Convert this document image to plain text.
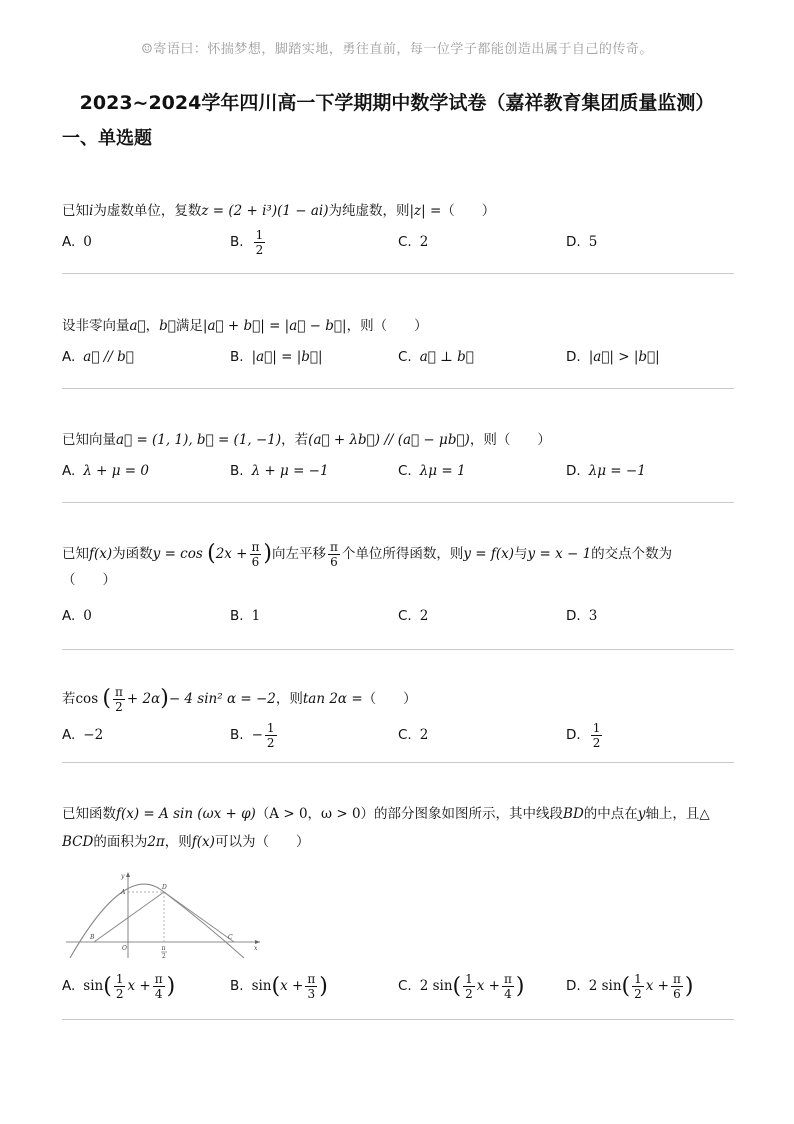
☺寄语曰：怀揣梦想，脚踏实地，勇往直前，每一位学子都能创造出属于自己的传奇。
2023~2024学年四川高一下学期期中数学试卷（嘉祥教育集团质量监测）
一、单选题
已知i为虚数单位，复数z = (2 + i³)(1 − ai)为纯虚数，则|z| =（　　）
A. 0	B. $\frac{1}{2}$	C. 2	D. 5
设非零向量a⃗，b⃗满足|a⃗ + b⃗| = |a⃗ − b⃗|，则（　　）
A. a⃗ // b⃗	B. |a⃗| = |b⃗|	C. a⃗ ⊥ b⃗	D. |a⃗| > |b⃗|
已知向量a⃗ = (1, 1), b⃗ = (1, −1)，若(a⃗ + λb⃗) // (a⃗ − μb⃗)，则（　　）
A. λ + μ = 0	B. λ + μ = −1	C. λμ = 1	D. λμ = −1
已知f(x)为函数$y = \cos (2x + \frac{\pi}{6}$ )向左平移 $\frac{\pi}{6}$ 个单位所得函数，则y = f(x)与y = x − 1的交点个数为
（　　）
A. 0	B. 1	C. 2	D. 3
若cos ( $\frac{\pi}{2} + 2\alpha)- 4$ sin² α = −2，则tan 2α =（　　）
A. −2	B. − $\frac{1}{2}$	C. 2	D. $\frac{1}{2}$
已知函数f(x) = A sin (ωx + φ)（A > 0，ω > 0）的部分图象如图所示，其中线段BD的中点在y轴上，且△
BCD的面积为2π，则f(x)可以为（　　）
y
A
D
B
O	π
2
C
x
A. sin ( $\frac{1}{2}$ $x + \frac{\pi}{4}$ )	B. sin ( $x + \frac{\pi}{3}$ )	C. 2 sin ( $\frac{1}{2}$ $x + \frac{\pi}{4}$ )	D. 2 sin ( $\frac{1}{2}$ $x + \frac{\pi}{6}$ )
